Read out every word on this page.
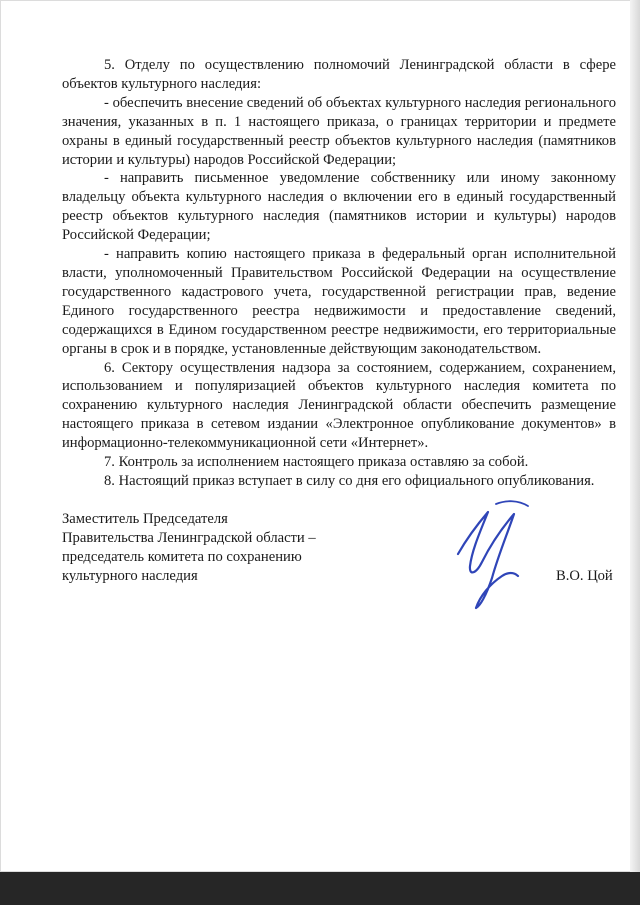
5. Отделу по осуществлению полномочий Ленинградской области в сфере объектов культурного наследия:

- обеспечить внесение сведений об объектах культурного наследия регионального значения, указанных в п. 1 настоящего приказа, о границах территории и предмете охраны в единый государственный реестр объектов культурного наследия (памятников истории и культуры) народов Российской Федерации;

- направить письменное уведомление собственнику или иному законному владельцу объекта культурного наследия о включении его в единый государственный реестр объектов культурного наследия (памятников истории и культуры) народов Российской Федерации;

- направить копию настоящего приказа в федеральный орган исполнительной власти, уполномоченный Правительством Российской Федерации на осуществление государственного кадастрового учета, государственной регистрации прав, ведение Единого государственного реестра недвижимости и предоставление сведений, содержащихся в Едином государственном реестре недвижимости, его территориальные органы в срок и в порядке, установленные действующим законодательством.

6. Сектору осуществления надзора за состоянием, содержанием, сохранением, использованием и популяризацией объектов культурного наследия комитета по сохранению культурного наследия Ленинградской области обеспечить размещение настоящего приказа в сетевом издании «Электронное опубликование документов» в информационно-телекоммуникационной сети «Интернет».

7. Контроль за исполнением настоящего приказа оставляю за собой.

8. Настоящий приказ вступает в силу со дня его официального опубликования.

Заместитель Председателя
Правительства Ленинградской области –
председатель комитета по сохранению
культурного наследия	В.О. Цой
